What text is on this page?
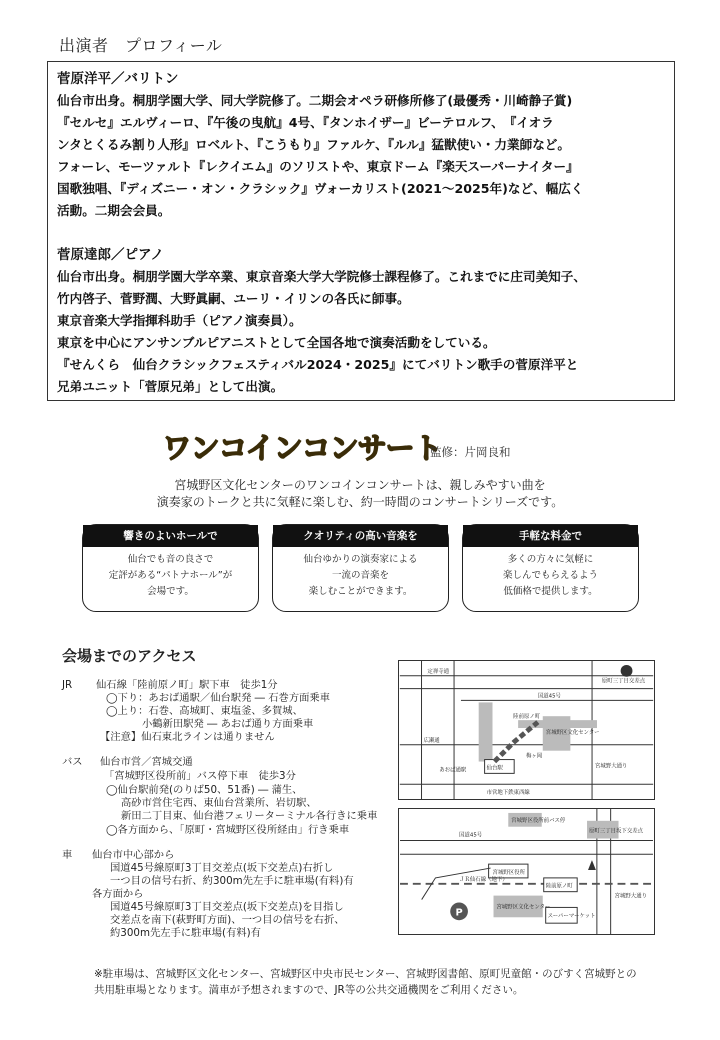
出演者　プロフィール
菅原洋平／バリトン
仙台市出身。桐朋学園大学、同大学院修了。二期会オペラ研修所修了(最優秀・川崎静子賞)
『セルセ』エルヴィーロ、『午後の曳航』4号、『タンホイザー』ビーテロルフ、　『イオラ
ンタとくるみ割り人形』ロベルト、『こうもり』ファルケ、『ルル』猛獣使い・力業師など。
フォーレ、モーツァルト『レクイエム』のソリストや、東京ドーム『楽天スーパーナイター』
国歌独唱、『ディズニー・オン・クラシック』ヴォーカリスト(2021～2025年)など、幅広く
活動。二期会会員。
菅原達郎／ピアノ
仙台市出身。桐朋学園大学卒業、東京音楽大学大学院修士課程修了。これまでに庄司美知子、
竹内啓子、菅野潤、大野眞嗣、ユーリ・イリンの各氏に師事。
東京音楽大学指揮科助手（ピアノ演奏員）。
東京を中心にアンサンブルピアニストとして全国各地で演奏活動をしている。
『せんくら　仙台クラシックフェスティバル2024・2025』にてバリトン歌手の菅原洋平と
兄弟ユニット「菅原兄弟」として出演。
ワンコインコンサート
監修：片岡良和
宮城野区文化センターのワンコインコンサートは、親しみやすい曲を
演奏家のトークと共に気軽に楽しむ、約一時間のコンサートシリーズです。
響きのよいホールで
仙台でも音の良さで
定評がある“パトナホール”が
会場です。
クオリティの高い音楽を
仙台ゆかりの演奏家による
一流の音楽を
楽しむことができます。
手軽な料金で
多くの方々に気軽に
楽しんでもらえるよう
低価格で提供します。
会場までのアクセス
JR 仙石線「陸前原ノ町」駅下車　徒歩1分
◯下り：あおば通駅／仙台駅発 ― 石巻方面乗車
◯上り：石巻、高城町、東塩釜、多賀城、
小鶴新田駅発 ― あおば通り方面乗車
【注意】仙石東北ラインは通りません
バス 仙台市営／宮城交通
「宮城野区役所前」バス停下車　徒歩3分
◯仙台駅前発(のりば50、51番) ― 蒲生、
高砂市営住宅西、東仙台営業所、岩切駅、
新田二丁目東、仙台港フェリーターミナル各行きに乗車
◯各方面から、「原町・宮城野区役所経由」行き乗車
車 仙台市中心部から
国道45号線原町3丁目交差点(坂下交差点)右折し
一つ目の信号右折、約300m先左手に駐車場(有料)有
各方面から
国道45号線原町3丁目交差点(坂下交差点)を目指し
交差点を南下(萩野町方面)、一つ目の信号を右折、
約300m先左手に駐車場(有料)有
定禅寺通
国道45号
原町三丁目交差点
宮城野区文化センター
陸前原ノ町
広瀬通
あおば通駅	仙台駅
梅ヶ岡
宮城野大通り
市営地下鉄東西線
P
宮城野区役所前バス停
国道45号
宮城野区役所
ＪＲ仙石線（地下）
陸前原ノ町
宮城野区文化センター
スーパーマーケット
原町三丁目坂下交差点
宮城野大通り
※駐車場は、宮城野区文化センター、宮城野区中央市民センター、宮城野図書館、原町児童館・のびすく宮城野との
共用駐車場となります。満車が予想されますので、JR等の公共交通機関をご利用ください。
